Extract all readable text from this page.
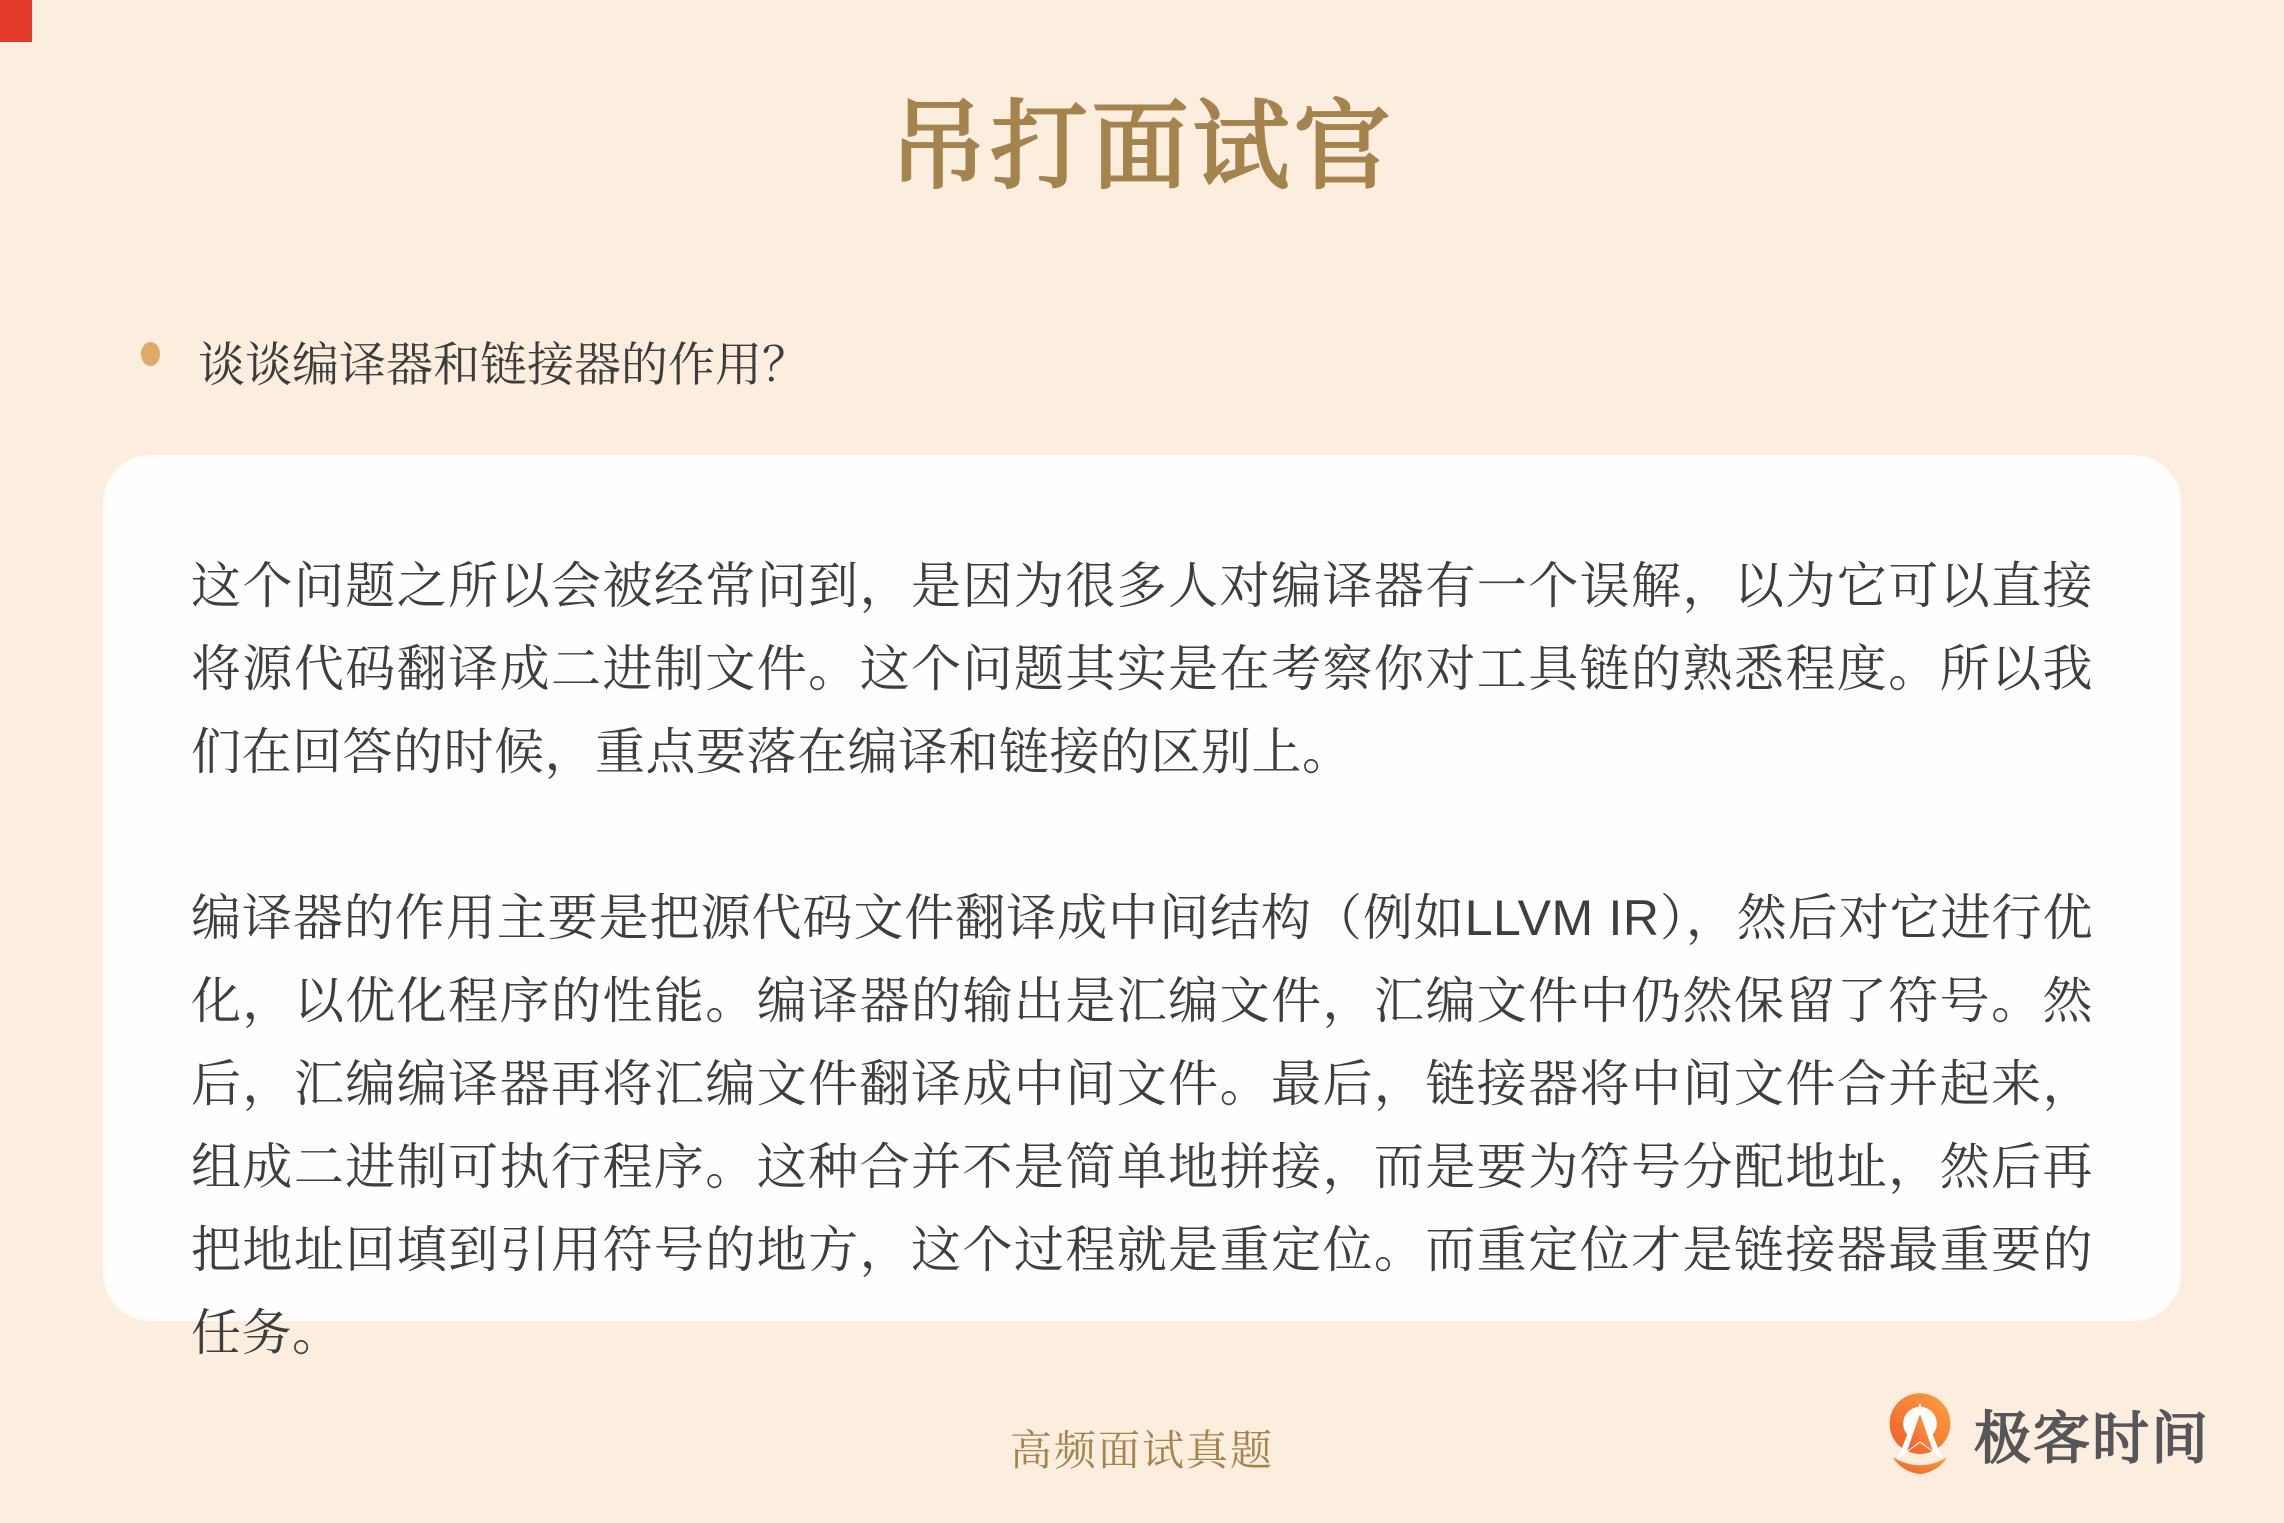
吊打面试官
谈谈编译器和链接器的作用？

这个问题之所以会被经常问到，是因为很多人对编译器有一个误解，以为它可以直接将源代码翻译成二进制文件。这个问题其实是在考察你对工具链的熟悉程度。所以我们在回答的时候，重点要落在编译和链接的区别上。

编译器的作用主要是把源代码文件翻译成中间结构（例如LLVM IR），然后对它进行优化，以优化程序的性能。编译器的输出是汇编文件，汇编文件中仍然保留了符号。然后，汇编编译器再将汇编文件翻译成中间文件。最后，链接器将中间文件合并起来，组成二进制可执行程序。这种合并不是简单地拼接，而是要为符号分配地址，然后再把地址回填到引用符号的地方，这个过程就是重定位。而重定位才是链接器最重要的任务。

高频面试真题	极客时间
